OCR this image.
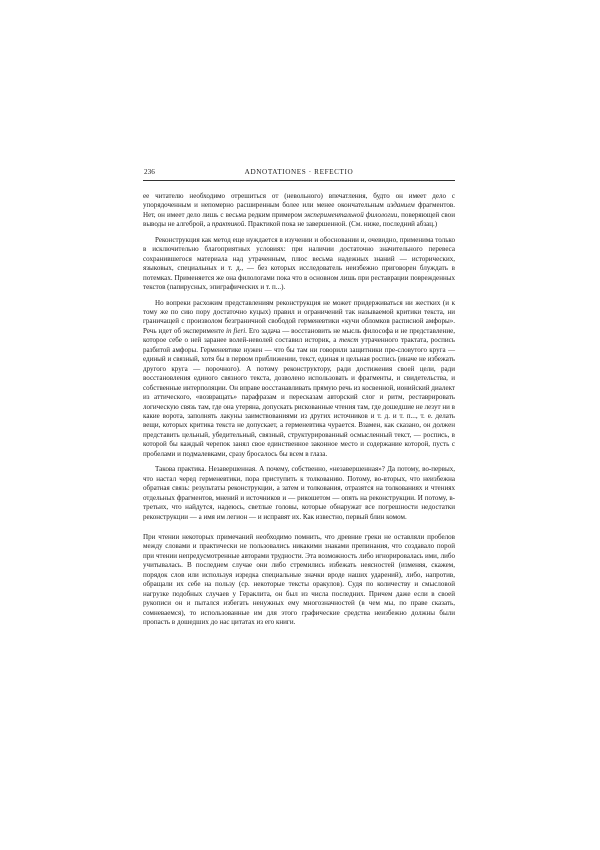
236	ADNOTATIONES · REFECTIO

ее читателю необходимо отрешиться от (невольного) впечатления, будто он имеет дело с упорядоченным и непомерно расширенным более или менее окончательным изданием фрагментов. Нет, он имеет дело лишь с весьма редким примером экспериментальной филологии, поверяющей свои выводы не алгеброй, а практикой. Практикой пока не завершенной. (См. ниже, последний абзац.)

Реконструкция как метод еще нуждается в изучении и обосновании и, очевидно, применима только в исключительно благоприятных условиях: при наличии достаточно значительного перевеса сохранившегося материала над утраченным, плюс весьма надежных знаний — исторических, языковых, специальных и т. д., — без которых исследователь неизбежно приговорен блуждать в потемках. Применяется же она филологами пока что в основном лишь при реставрации поврежденных текстов (папирусных, эпиграфических и т. п...).

Но вопреки расхожим представлениям реконструкция не может придерживаться ни жестких (и к тому же по сию пору достаточно куцых) правил и ограничений так называемой критики текста, ни граничащей с произволом безграничной свободой герменевтики «кучи обломков расписной амфоры». Речь идет об эксперименте in fieri. Его задача — восстановить не мысль философа и не представление, которое себе о ней заранее волей-неволей составил историк, а текст утраченного трактата, роспись разбитой амфоры. Герменевтике нужен — что бы там ни говорили защитники пре-словутого круга — единый и связный, хотя бы в первом приближении, текст, единая и цельная роспись (иначе не избежать другого круга — порочного). А потому реконструктору, ради достижения своей цели, ради восстановления единого связного текста, дозволено использовать и фрагменты, и свидетельства, и собственные интерполяции. Он вправе восстанавливать прямую речь из косвенной, ионийский диалект из аттического, «возвращать» парафразам и пересказам авторский слог и ритм, реставрировать логическую связь там, где она утеряна, допускать рискованные чтения там, где дошедшие не лезут ни в какие ворота, заполнять лакуны заимствованиями из других источников и т. д. и т. п..., т. е. делать вещи, которых критика текста не допускает, а герменевтика чурается. Взамен, как сказано, он должен представить цельный, убедительный, связный, структурированный осмысленный текст, — роспись, в которой бы каждый черепок занял свое единственное законное место и содержание которой, пусть с пробелами и подмалевками, сразу бросалось бы всем в глаза.

Такова практика. Незавершенная. А почему, собственно, «незавершенная»? Да потому, во-первых, что настал черед герменевтики, пора приступить к толкованию. Потому, во-вторых, что неизбежна обратная связь: результаты реконструкции, а затем и толкования, отразятся на толкованиях и чтениях отдельных фрагментов, мнений и источников и — рикошетом — опять на реконструкции. И потому, в-третьих, что найдутся, надеюсь, светлые головы, которые обнаружат все погрешности недостатки реконструкции — а имя им легион — и исправят их. Как известно, первый блин комом.

При чтении некоторых примечаний необходимо помнить, что древние греки не оставляли пробелов между словами и практически не пользовались никакими знаками препинания, что создавало порой при чтении непредусмотренные авторами трудности. Эта возможность либо игнорировалась ими, либо учитывалась. В последнем случае они либо стремились избежать неясностей (изменяя, скажем, порядок слов или используя изредка специальные значки вроде наших ударений), либо, напротив, обращали их себе на пользу (ср. некоторые тексты оракулов). Судя по количеству и смысловой нагрузке подобных случаев у Гераклита, он был из числа последних. Причем даже если в своей рукописи он и пытался избегать ненужных ему многозначностей (в чем мы, по праве сказать, сомневаемся), то использованные им для этого графические средства неизбежно должны были пропасть в дошедших до нас цитатах из его книги.
